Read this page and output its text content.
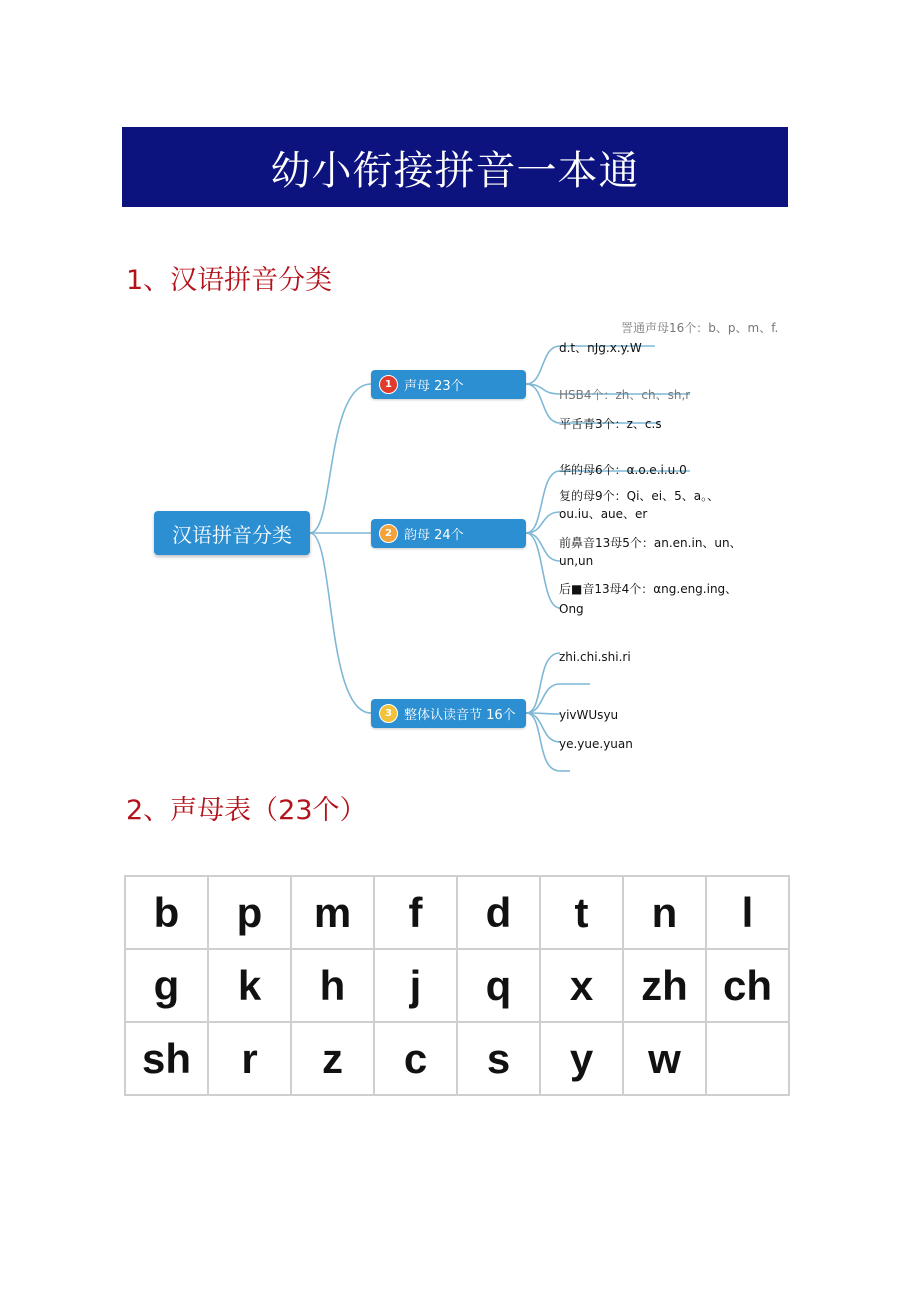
幼小衔接拼音一本通
1、汉语拼音分类
汉语拼音分类
1 声母 23个
2 韵母 24个
3 整体认读音节 16个
詈通声母16个：b、p、m、f.
d.t、nJg.x.y.W
HSB4个：zh、ch、sh,r
平舌青3个：z、c.s
华的母6个：α.o.e.i.u.0
复的母9个：Qi、ei、5、a。、
ou.iu、aue、er
前鼻音13母5个：an.en.in、un、
un,un
后■音13母4个：αng.eng.ing、
Ong
zhi.chi.shi.ri
yivWUsyu
ye.yue.yuan
2、声母表（23个）
b	p	m	f	d	t	n	l
g	k	h	j	q	x	zh	ch
sh	r	z	c	s	y	w	
